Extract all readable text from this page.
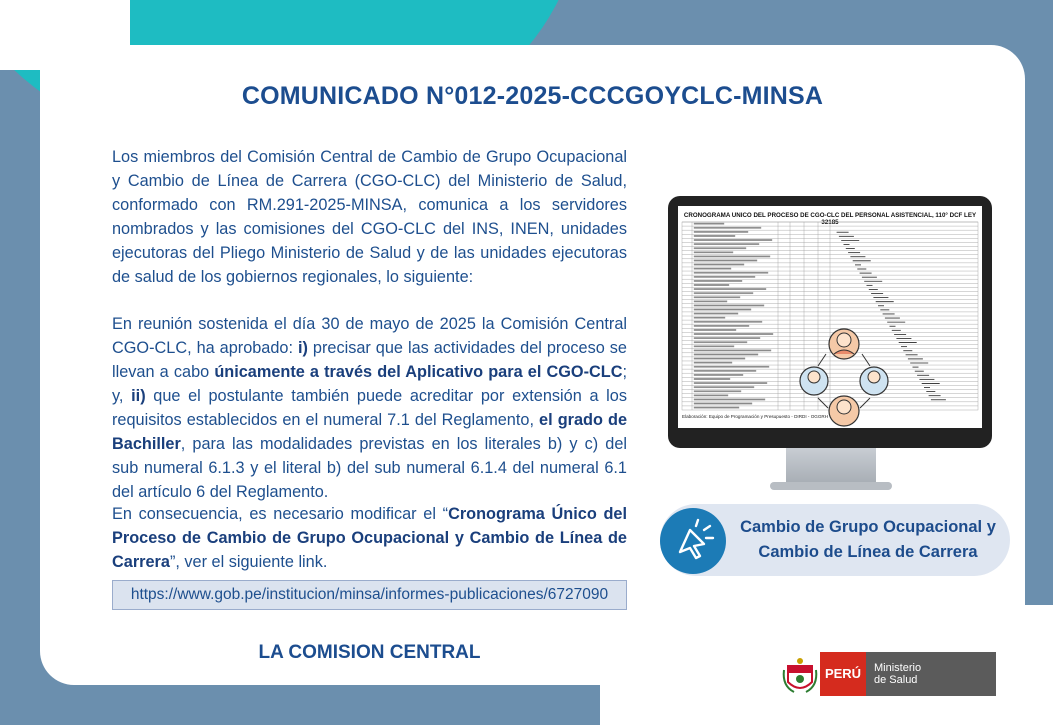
COMUNICADO N°012-2025-CCCGOYCLC-MINSA

Los miembros del Comisión Central de Cambio de Grupo Ocupacional y Cambio de Línea de Carrera (CGO-CLC) del Ministerio de Salud, conformado con RM.291-2025-MINSA, comunica a los servidores nombrados y las comisiones del CGO-CLC del INS, INEN, unidades ejecutoras del Pliego Ministerio de Salud y de las unidades ejecutoras de salud de los gobiernos regionales, lo siguiente:

En reunión sostenida el día 30 de mayo de 2025 la Comisión Central CGO-CLC, ha aprobado: i) precisar que las actividades del proceso se llevan a cabo únicamente a través del Aplicativo para el CGO-CLC; y, ii) que el postulante también puede acreditar por extensión a los requisitos establecidos en el numeral 7.1 del Reglamento, el grado de Bachiller, para las modalidades previstas en los literales b) y c) del sub numeral 6.1.3 y el literal b) del sub numeral 6.1.4 del numeral 6.1 del artículo 6 del Reglamento.

En consecuencia, es necesario modificar el “Cronograma Único del Proceso de Cambio de Grupo Ocupacional y Cambio de Línea de Carrera”, ver el siguiente link.

https://www.gob.pe/institucion/minsa/informes-publicaciones/6727090
LA COMISION CENTRAL
CRONOGRAMA UNICO DEL PROCESO DE CGO-CLC DEL PERSONAL ASISTENCIAL, 110° DCF LEY 32185
Elaboración: Equipo de Programación y Presupuesto - DIRDI - OGGRH
Cambio de Grupo Ocupacional y
Cambio de Línea de Carrera
PERÚ	Ministerio
de Salud
